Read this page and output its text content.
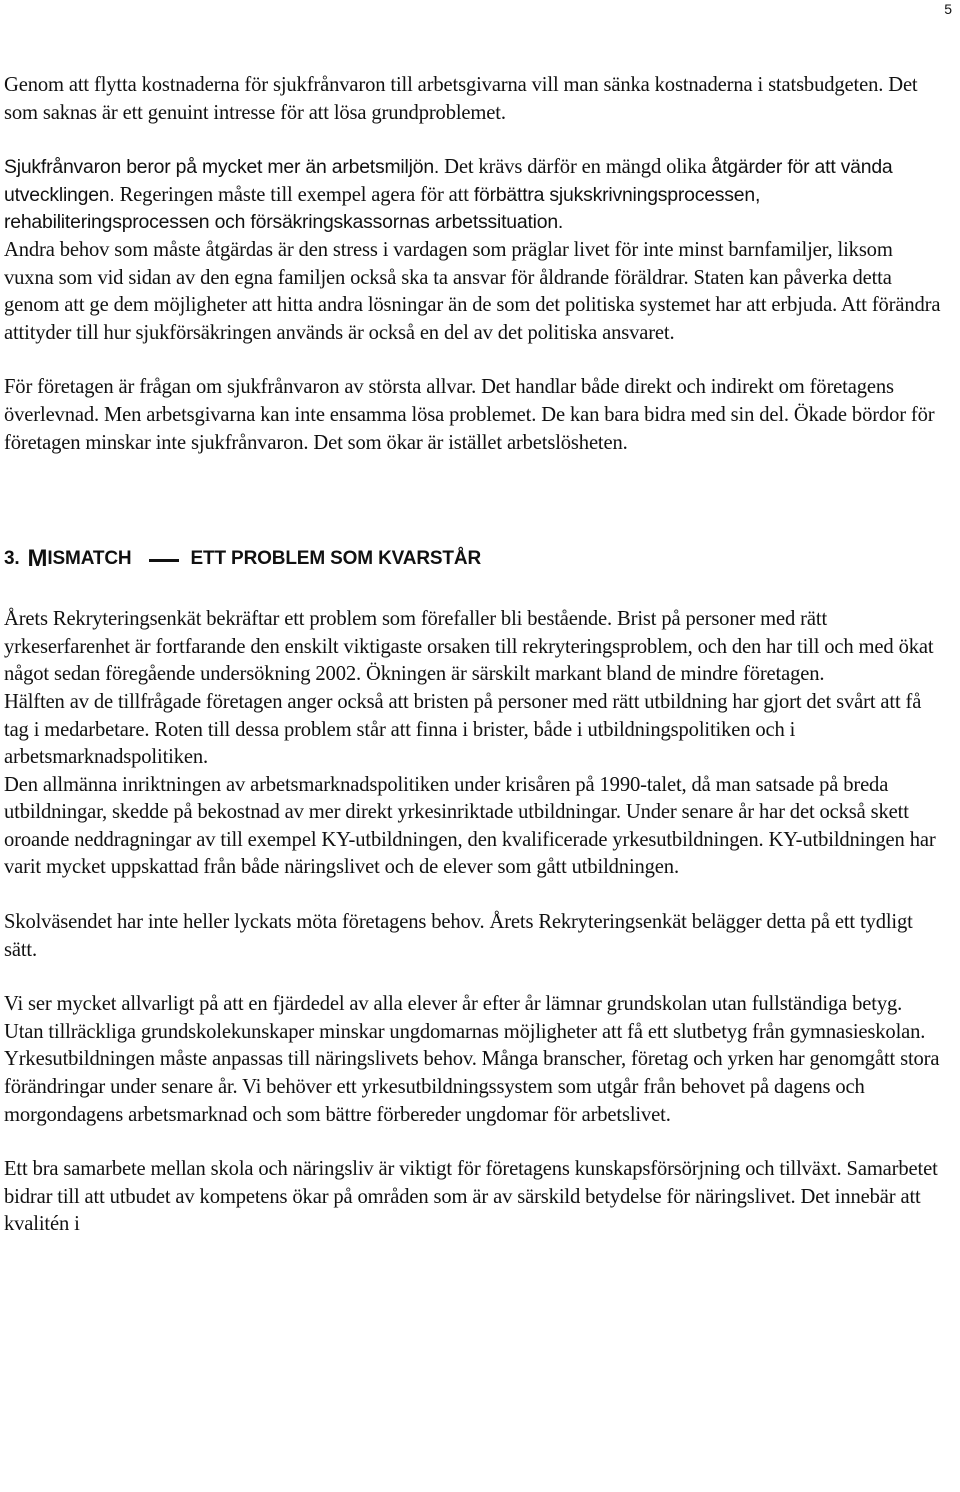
5

Genom att flytta kostnaderna för sjukfrånvaron till arbetsgivarna vill man sänka kostnaderna i statsbudgeten. Det som saknas är ett genuint intresse för att lösa grundproblemet.

Sjukfrånvaron beror på mycket mer än arbetsmiljön. Det krävs därför en mängd olika åtgärder för att vända utvecklingen. Regeringen måste till exempel agera för att förbättra sjukskrivningsprocessen, rehabiliteringsprocessen och försäkringskassornas arbetssituation.

Andra behov som måste åtgärdas är den stress i vardagen som präglar livet för inte minst barnfamiljer, liksom vuxna som vid sidan av den egna familjen också ska ta ansvar för åldrande föräldrar. Staten kan påverka detta genom att ge dem möjligheter att hitta andra lösningar än de som det politiska systemet har att erbjuda. Att förändra attityder till hur sjukförsäkringen används är också en del av det politiska ansvaret.

För företagen är frågan om sjukfrånvaron av största allvar. Det handlar både direkt och indirekt om företagens överlevnad. Men arbetsgivarna kan inte ensamma lösa problemet. De kan bara bidra med sin del. Ökade bördor för företagen minskar inte sjukfrånvaron. Det som ökar är istället arbetslösheten.

3. M ISMATCH	ETT PROBLEM SOM KVARSTÅR

Årets Rekryteringsenkät bekräftar ett problem som förefaller bli bestående. Brist på personer med rätt yrkeserfarenhet är fortfarande den enskilt viktigaste orsaken till rekryteringsproblem, och den har till och med ökat något sedan föregående undersökning 2002. Ökningen är särskilt markant bland de mindre företagen.

Hälften av de tillfrågade företagen anger också att bristen på personer med rätt utbildning har gjort det svårt att få tag i medarbetare. Roten till dessa problem står att finna i brister, både i utbildningspolitiken och i arbetsmarknadspolitiken.

Den allmänna inriktningen av arbetsmarknadspolitiken under krisåren på 1990-talet, då man satsade på breda utbildningar, skedde på bekostnad av mer direkt yrkesinriktade utbildningar. Under senare år har det också skett oroande neddragningar av till exempel KY-utbildningen, den kvalificerade yrkesutbildningen. KY-utbildningen har varit mycket uppskattad från både näringslivet och de elever som gått utbildningen.

Skolväsendet har inte heller lyckats möta företagens behov. Årets Rekryteringsenkät belägger detta på ett tydligt sätt.

Vi ser mycket allvarligt på att en fjärdedel av alla elever år efter år lämnar grundskolan utan fullständiga betyg. Utan tillräckliga grundskolekunskaper minskar ungdomarnas möjligheter att få ett slutbetyg från gymnasieskolan. Yrkesutbildningen måste anpassas till näringslivets behov. Många branscher, företag och yrken har genomgått stora förändringar under senare år. Vi behöver ett yrkesutbildningssystem som utgår från behovet på dagens och morgondagens arbetsmarknad och som bättre förbereder ungdomar för arbetslivet.

Ett bra samarbete mellan skola och näringsliv är viktigt för företagens kunskapsförsörjning och tillväxt. Samarbetet bidrar till att utbudet av kompetens ökar på områden som är av särskild betydelse för näringslivet. Det innebär att kvalitén i
